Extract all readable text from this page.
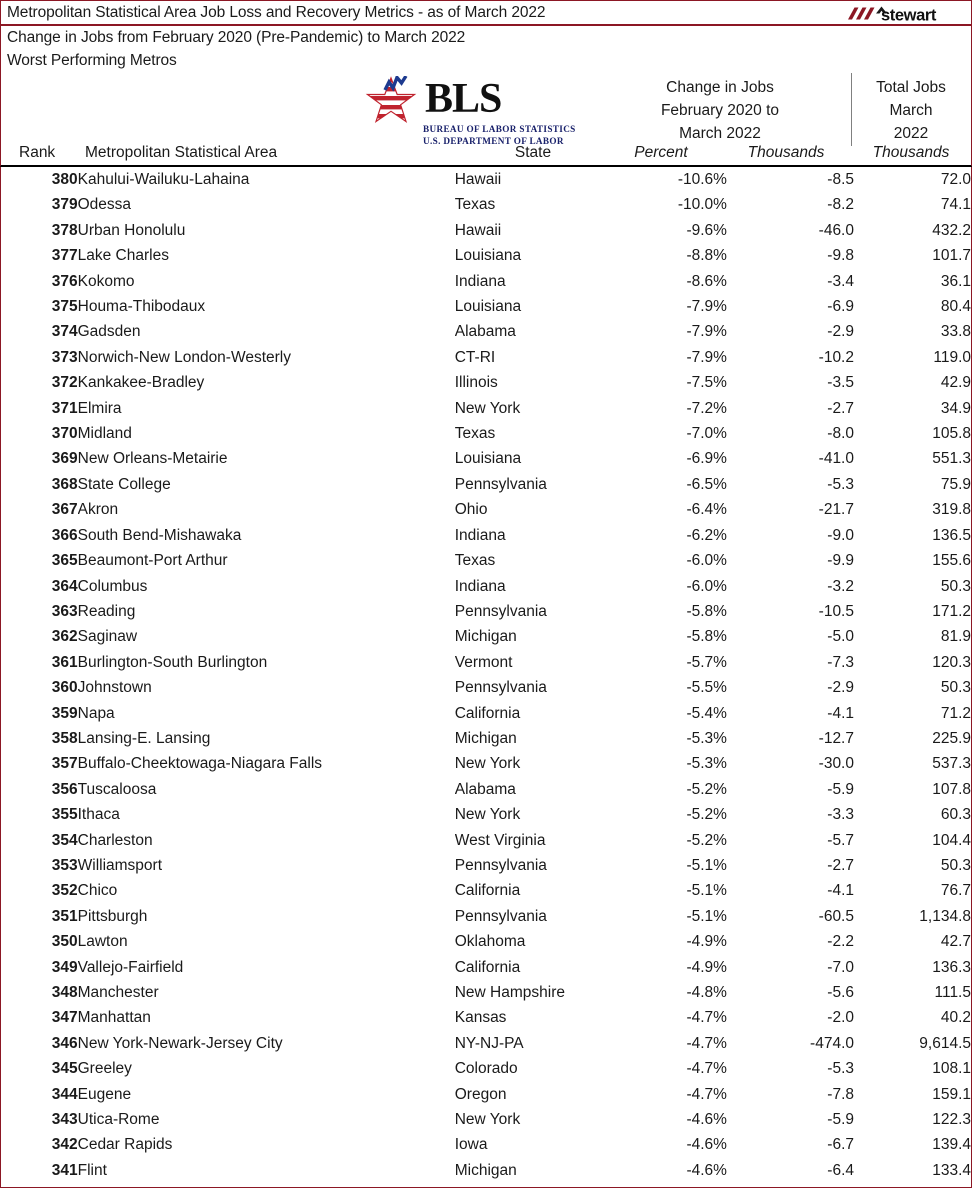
Metropolitan Statistical Area Job Loss and Recovery Metrics - as of March 2022	stewart
Change in Jobs from February 2020 (Pre-Pandemic) to March 2022
Worst Performing Metros
BLS
BUREAU OF LABOR STATISTICS
U.S. DEPARTMENT OF LABOR
Change in Jobs
February 2020 to
March 2022
Total Jobs
March
2022
Rank Metropolitan Statistical Area	State	Percent	Thousands	Thousands
380	Kahului-Wailuku-Lahaina	Hawaii	-10.6%	-8.5	72.0
379	Odessa	Texas	-10.0%	-8.2	74.1
378	Urban Honolulu	Hawaii	-9.6%	-46.0	432.2
377	Lake Charles	Louisiana	-8.8%	-9.8	101.7
376	Kokomo	Indiana	-8.6%	-3.4	36.1
375	Houma-Thibodaux	Louisiana	-7.9%	-6.9	80.4
374	Gadsden	Alabama	-7.9%	-2.9	33.8
373	Norwich-New London-Westerly	CT-RI	-7.9%	-10.2	119.0
372	Kankakee-Bradley	Illinois	-7.5%	-3.5	42.9
371	Elmira	New York	-7.2%	-2.7	34.9
370	Midland	Texas	-7.0%	-8.0	105.8
369	New Orleans-Metairie	Louisiana	-6.9%	-41.0	551.3
368	State College	Pennsylvania	-6.5%	-5.3	75.9
367	Akron	Ohio	-6.4%	-21.7	319.8
366	South Bend-Mishawaka	Indiana	-6.2%	-9.0	136.5
365	Beaumont-Port Arthur	Texas	-6.0%	-9.9	155.6
364	Columbus	Indiana	-6.0%	-3.2	50.3
363	Reading	Pennsylvania	-5.8%	-10.5	171.2
362	Saginaw	Michigan	-5.8%	-5.0	81.9
361	Burlington-South Burlington	Vermont	-5.7%	-7.3	120.3
360	Johnstown	Pennsylvania	-5.5%	-2.9	50.3
359	Napa	California	-5.4%	-4.1	71.2
358	Lansing-E. Lansing	Michigan	-5.3%	-12.7	225.9
357	Buffalo-Cheektowaga-Niagara Falls	New York	-5.3%	-30.0	537.3
356	Tuscaloosa	Alabama	-5.2%	-5.9	107.8
355	Ithaca	New York	-5.2%	-3.3	60.3
354	Charleston	West Virginia	-5.2%	-5.7	104.4
353	Williamsport	Pennsylvania	-5.1%	-2.7	50.3
352	Chico	California	-5.1%	-4.1	76.7
351	Pittsburgh	Pennsylvania	-5.1%	-60.5	1,134.8
350	Lawton	Oklahoma	-4.9%	-2.2	42.7
349	Vallejo-Fairfield	California	-4.9%	-7.0	136.3
348	Manchester	New Hampshire	-4.8%	-5.6	111.5
347	Manhattan	Kansas	-4.7%	-2.0	40.2
346	New York-Newark-Jersey City	NY-NJ-PA	-4.7%	-474.0	9,614.5
345	Greeley	Colorado	-4.7%	-5.3	108.1
344	Eugene	Oregon	-4.7%	-7.8	159.1
343	Utica-Rome	New York	-4.6%	-5.9	122.3
342	Cedar Rapids	Iowa	-4.6%	-6.7	139.4
341	Flint	Michigan	-4.6%	-6.4	133.4
